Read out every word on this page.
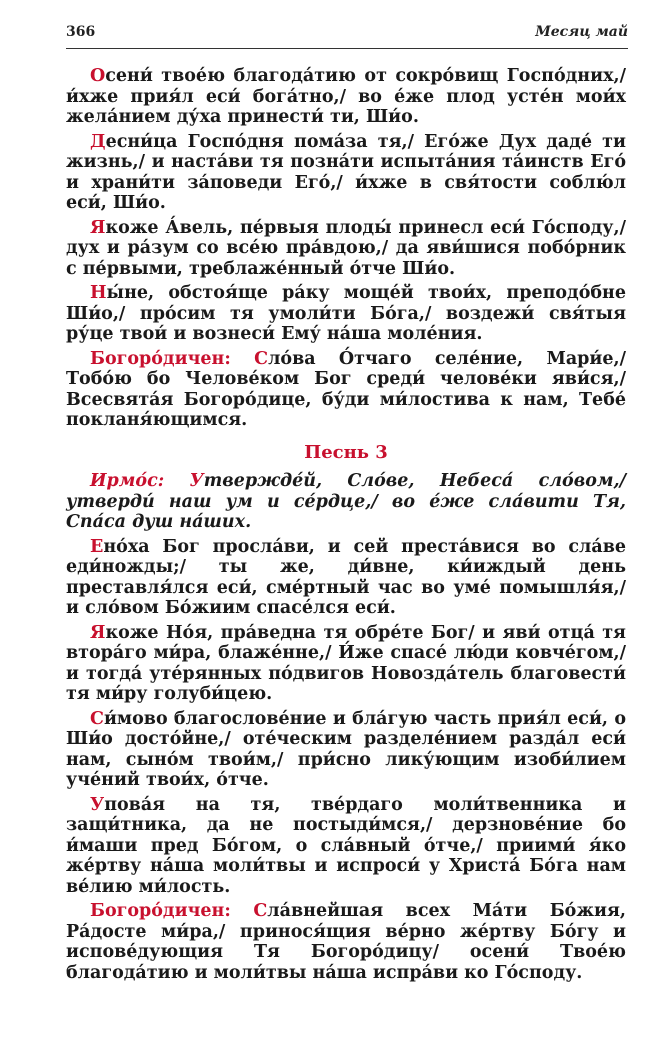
366	Месяц май

Осени́ твое́ю благода́тию от сокро́вищ Госпо́дних,/ и́хже прия́л еси́ бога́тно,/ во е́же плод усте́н мои́х жела́нием ду́ха принести́ ти, Ши́о.

Десни́ца Госпо́дня пома́за тя,/ Его́же Дух даде́ ти жизнь,/ и наста́ви тя позна́ти испыта́ния та́инств Его́ и храни́ти за́поведи Его́,/ и́хже в свя́тости соблю́л еси́, Ши́о.

Якоже А́вель, пе́рвыя плоды́ принесл еси́ Го́споду,/ дух и ра́зум со все́ю пра́вдою,/ да яви́шися побо́рник с пе́рвыми, треблаже́нный о́тче Ши́о.

Ны́не, обстоя́ще ра́ку моще́й твои́х, преподо́бне Ши́о,/ про́сим тя умоли́ти Бо́га,/ воздежи́ свя́тыя ру́це твои́ и вознеси́ Ему́ на́ша моле́ния.

Богоро́дичен: Сло́ва О́тчаго селе́ние, Мари́е,/ Тобо́ю бо Челове́ком Бог среди́ челове́ки яви́ся,/ Всесвята́я Богоро́дице, бу́ди ми́лостива к нам, Тебе́ покланя́ющимся.

Песнь 3

Ирмо́с: Утвержде́й, Сло́ве, Небеса́ сло́вом,/ утверди́ наш ум и се́рдце,/ во е́же сла́вити Тя, Спа́са душ на́ших.

Ено́ха Бог просла́ви, и сей преста́вися во сла́ве еди́ножды;/ ты же, ди́вне, ки́иждый день преставля́лся еси́, сме́ртный час во уме́ помышля́я,/ и сло́вом Бо́жиим спасе́лся еси́.

Якоже Но́я, пра́ведна тя обре́те Бог/ и яви́ отца́ тя втора́го ми́ра, блаже́нне,/ И́же спасе́ лю́ди ковче́гом,/ и тогда́ уте́рянных по́двигов Новозда́тель благовести́ тя ми́ру голуби́цею.

Си́мово благослове́ние и бла́гую часть прия́л еси́, о Ши́о досто́йне,/ оте́ческим разделе́нием разда́л еси́ нам, сыно́м твои́м,/ при́сно лику́ющим изоби́лием уче́ний твои́х, о́тче.

Упова́я на тя, тве́рдаго моли́твенника и защи́тника, да не постыди́мся,/ дерзнове́ние бо и́маши пред Бо́гом, о сла́вный о́тче,/ приими́ я́ко же́ртву на́ша моли́твы и испроси́ у Христа́ Бо́га нам ве́лию ми́лость.

Богоро́дичен: Сла́внейшая всех Ма́ти Бо́жия, Ра́досте ми́ра,/ принося́щия ве́рно же́ртву Бо́гу и испове́дующия Тя Богоро́дицу/ осени́ Твое́ю благода́тию и моли́твы на́ша испра́ви ко Го́споду.
